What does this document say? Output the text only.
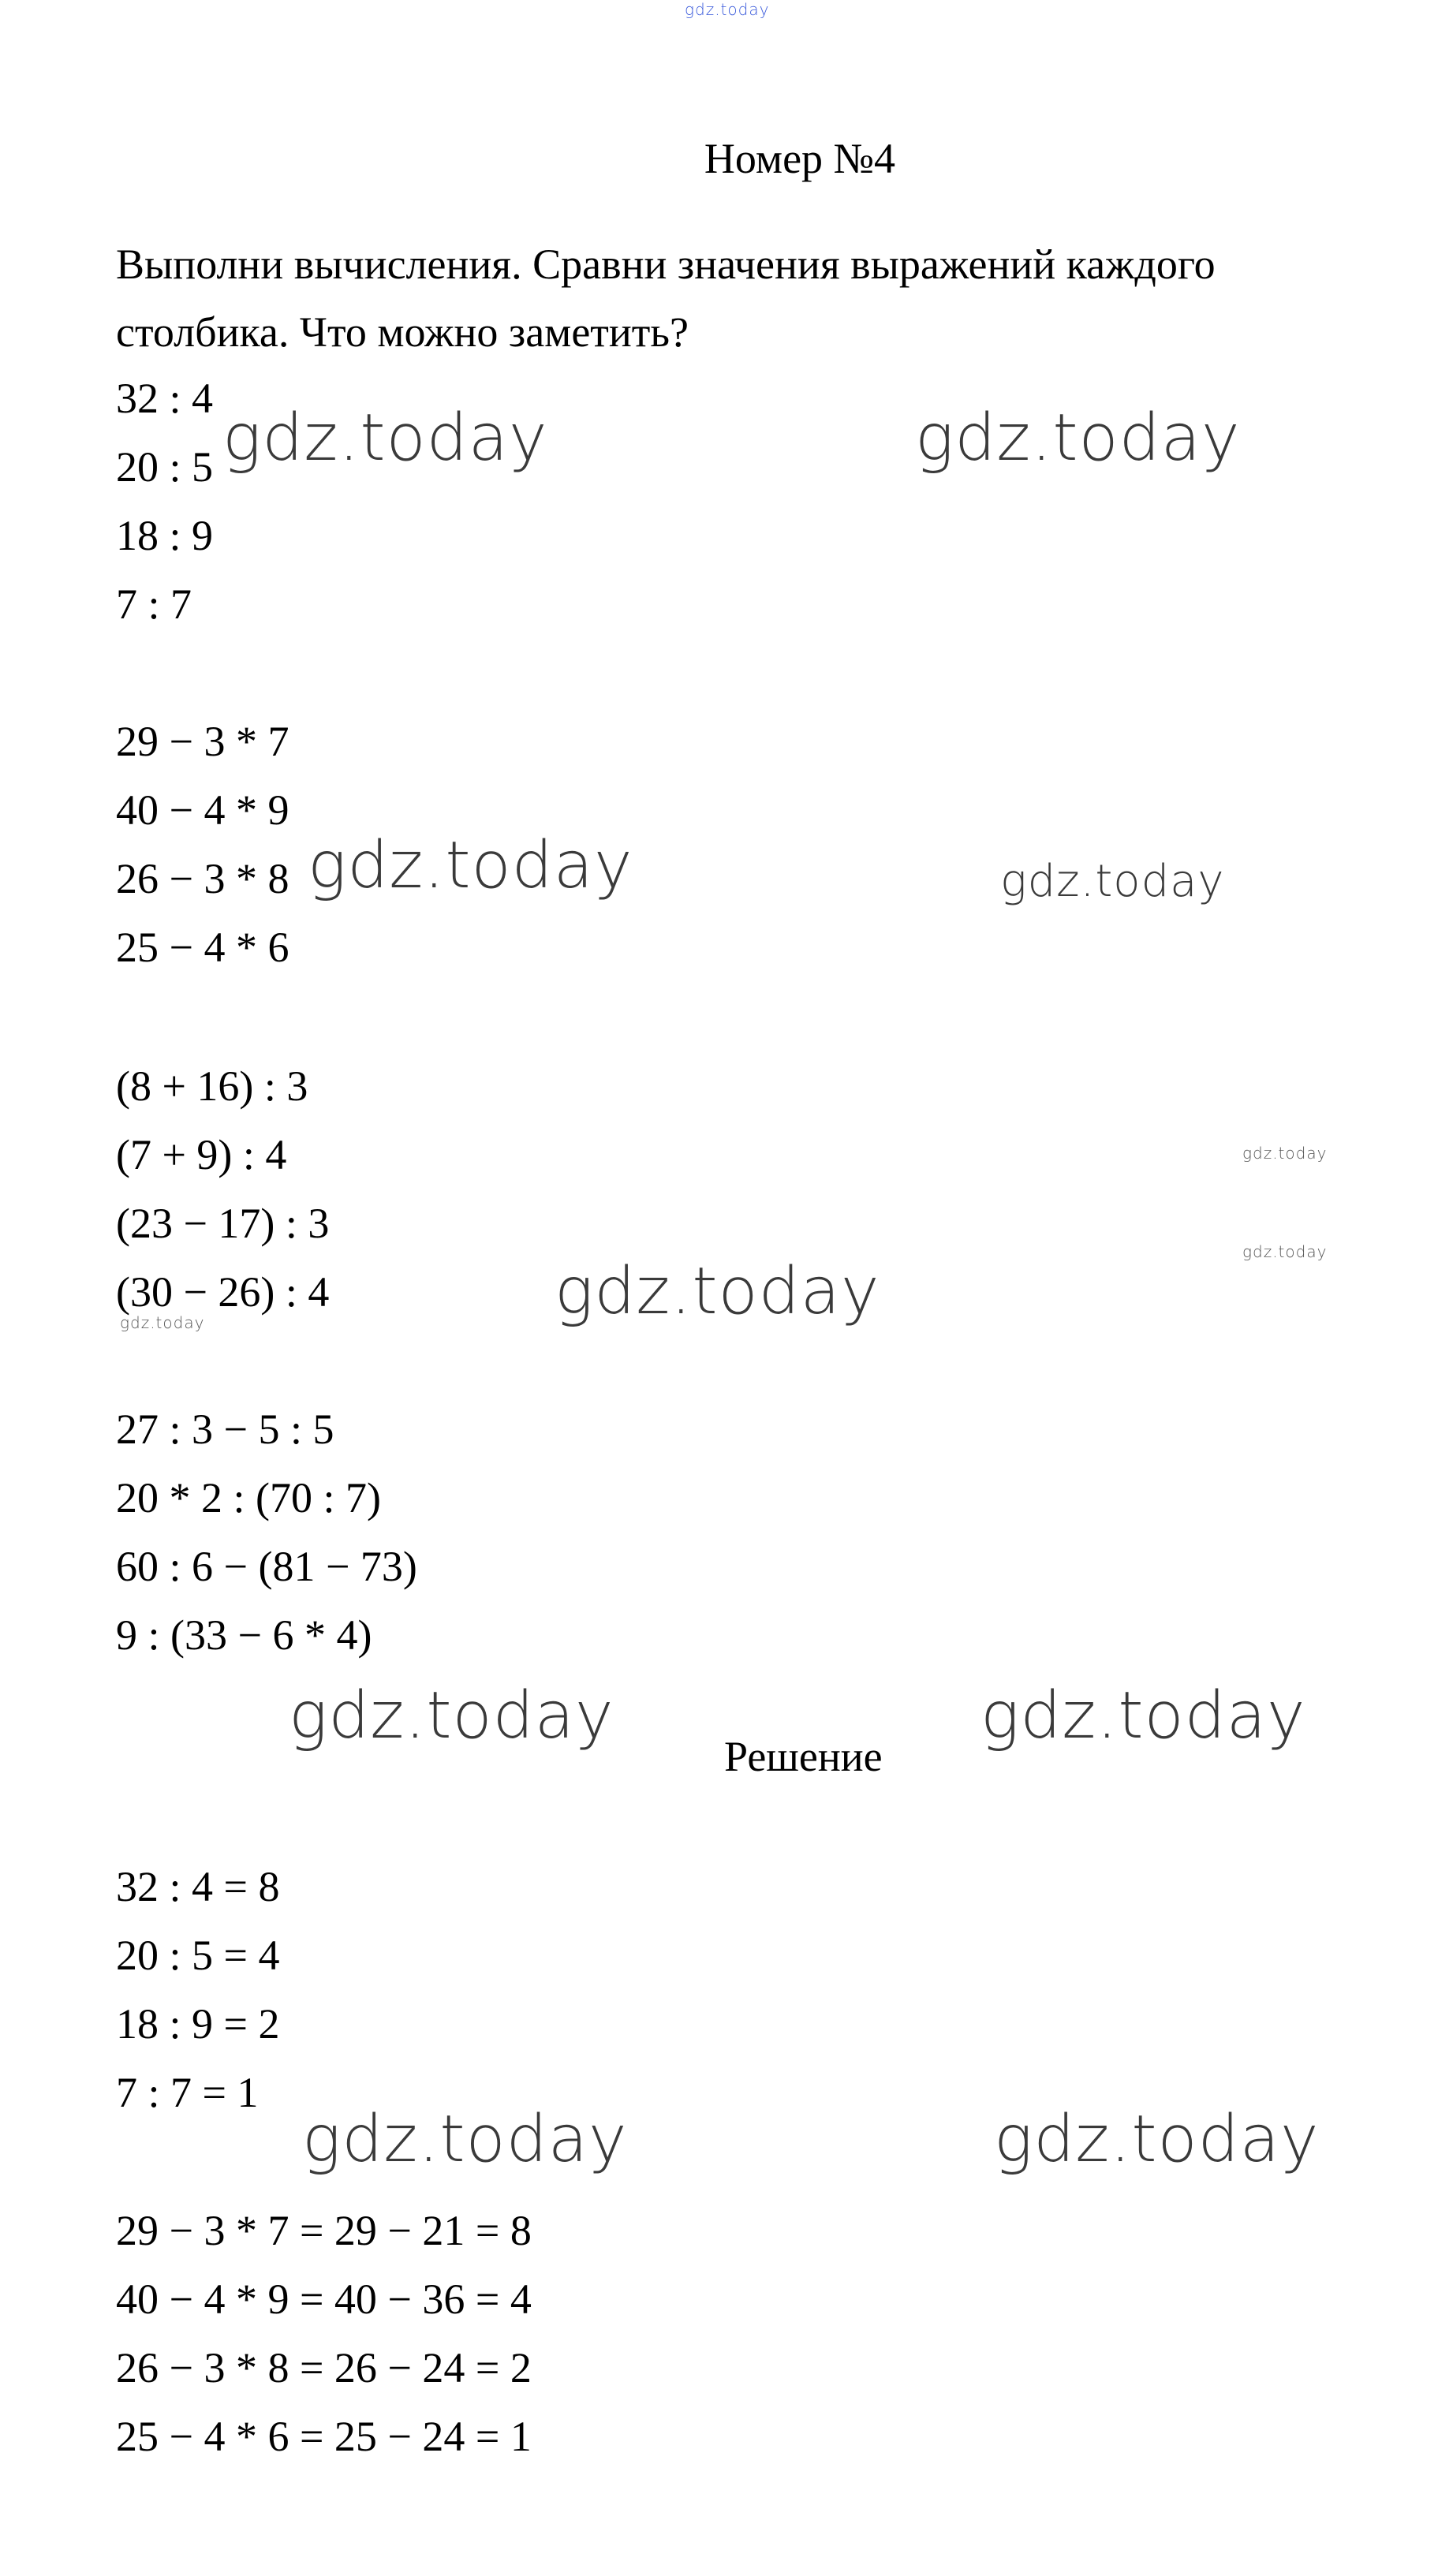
gdz.today
Номер №4
Выполни вычисления. Сравни значения выражений каждого столбика. Что можно заметить?
32 : 4
20 : 5
18 : 9
7 : 7
29 − 3 * 7
40 − 4 * 9
26 − 3 * 8
25 − 4 * 6
(8 + 16) : 3
(7 + 9) : 4
(23 − 17) : 3
(30 − 26) : 4
27 : 3 − 5 : 5
20 * 2 : (70 : 7)
60 : 6 − (81 − 73)
9 : (33 − 6 * 4)
Решение
32 : 4 = 8
20 : 5 = 4
18 : 9 = 2
7 : 7 = 1
29 − 3 * 7 = 29 − 21 = 8
40 − 4 * 9 = 40 − 36 = 4
26 − 3 * 8 = 26 − 24 = 2
25 − 4 * 6 = 25 − 24 = 1
gdz.today	gdz.today
gdz.today	gdz.today
gdz.today
gdz.today
gdz.today
gdz.today
gdz.today	gdz.today
gdz.today	gdz.today
